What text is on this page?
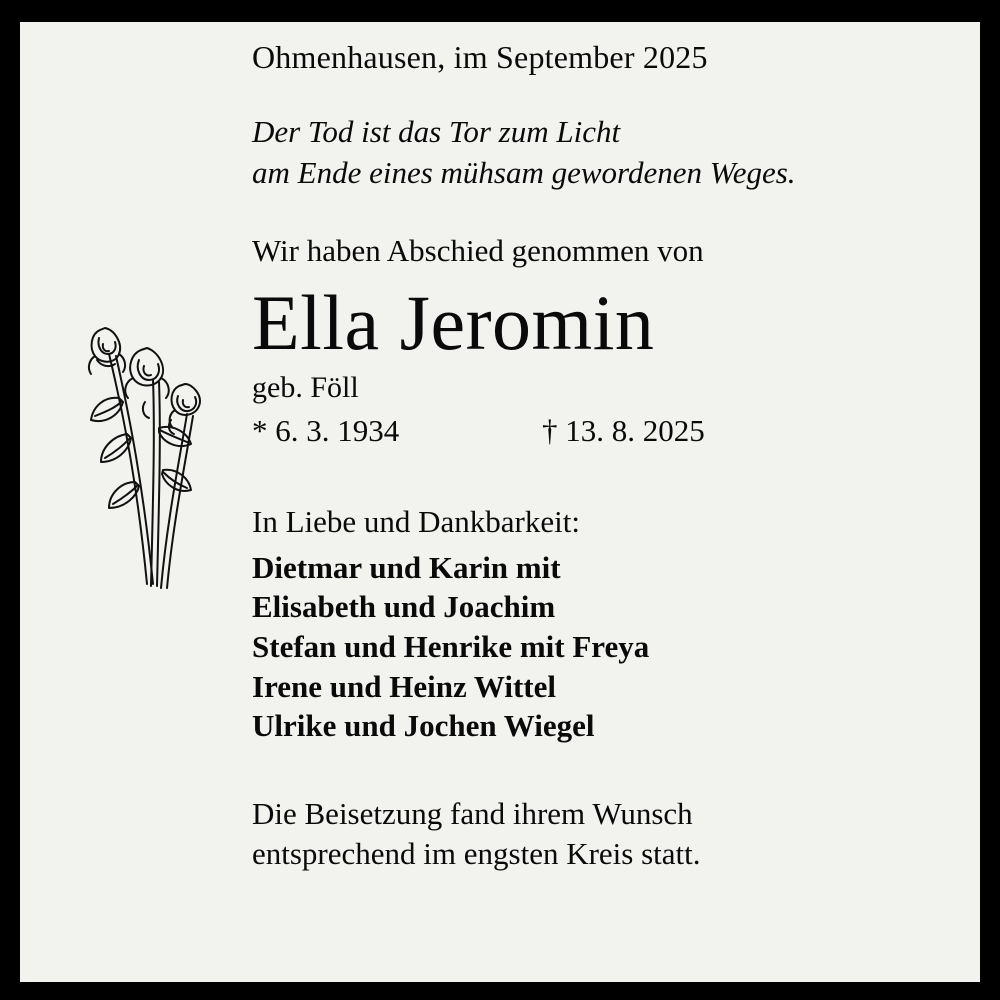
Ohmenhausen, im September 2025
Der Tod ist das Tor zum Licht
am Ende eines mühsam gewordenen Weges.
Wir haben Abschied genommen von
Ella Jeromin
geb. Föll
* 6. 3. 1934	† 13. 8. 2025
In Liebe und Dankbarkeit:
Dietmar und Karin mit
Elisabeth und Joachim
Stefan und Henrike mit Freya
Irene und Heinz Wittel
Ulrike und Jochen Wiegel
Die Beisetzung fand ihrem Wunsch
entsprechend im engsten Kreis statt.
